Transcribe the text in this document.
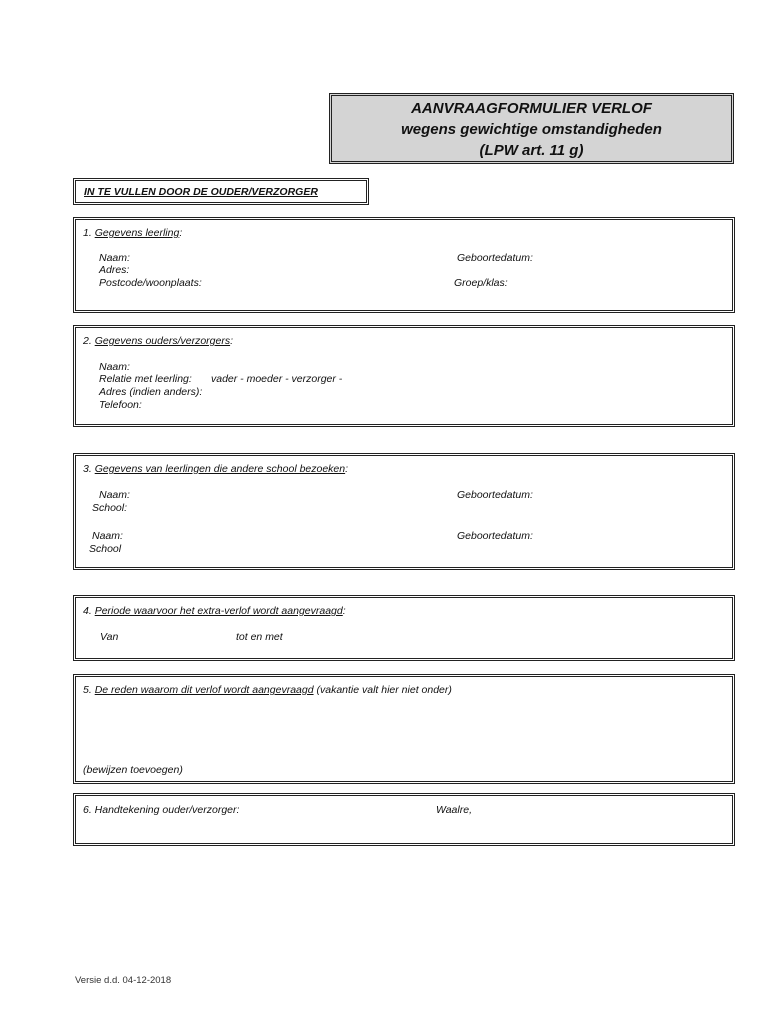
AANVRAAGFORMULIER VERLOF
wegens gewichtige omstandigheden
(LPW art. 11 g)
IN TE VULLEN DOOR DE OUDER/VERZORGER
1. Gegevens leerling:
Naam:
Adres:
Postcode/woonplaats:
Geboortedatum:
Groep/klas:
2. Gegevens ouders/verzorgers:
Naam:
Relatie met leerling: vader - moeder - verzorger -
Adres (indien anders):
Telefoon:
3. Gegevens van leerlingen die andere school bezoeken:
Naam:
School:
Geboortedatum:
Naam:
School
Geboortedatum:
4. Periode waarvoor het extra-verlof wordt aangevraagd:
Van	tot en met
5. De reden waarom dit verlof wordt aangevraagd (vakantie valt hier niet onder)
(bewijzen toevoegen)
6. Handtekening ouder/verzorger:	Waalre,
Versie d.d. 04-12-2018
